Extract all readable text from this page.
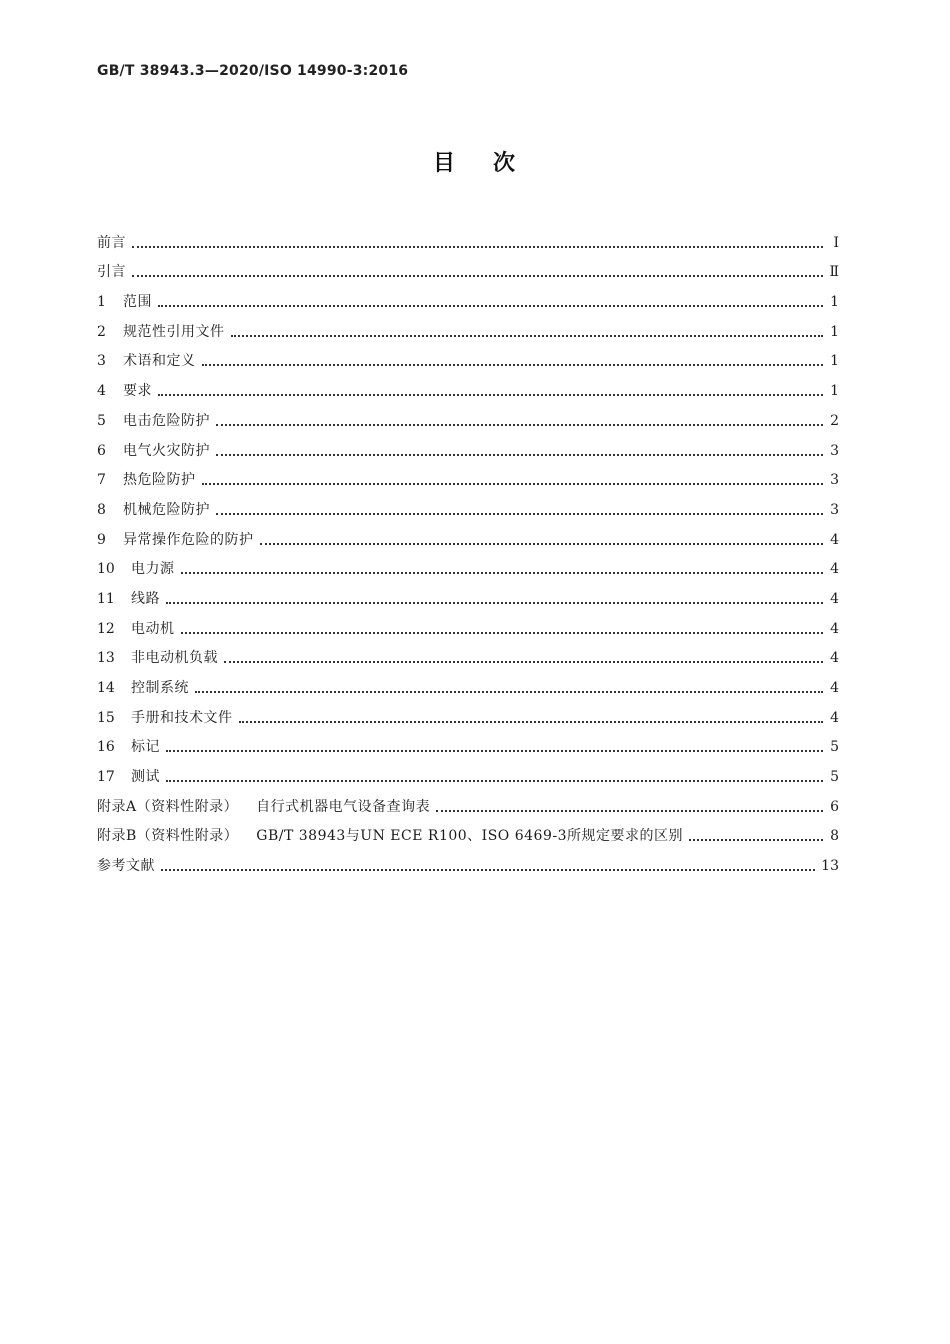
GB/T 38943.3—2020/ISO 14990-3:2016
目 次
前言	Ⅰ
引言	Ⅱ
1	范围	1
2	规范性引用文件	1
3	术语和定义	1
4	要求	1
5	电击危险防护	2
6	电气火灾防护	3
7	热危险防护	3
8	机械危险防护	3
9	异常操作危险的防护	4
10	电力源	4
11	线路	4
12	电动机	4
13	非电动机负载	4
14	控制系统	4
15	手册和技术文件	4
16	标记	5
17	测试	5
附录A（资料性附录） 自行式机器电气设备查询表	6
附录B（资料性附录） GB/T 38943与UN ECE R100、ISO 6469-3所规定要求的区别	8
参考文献	13
